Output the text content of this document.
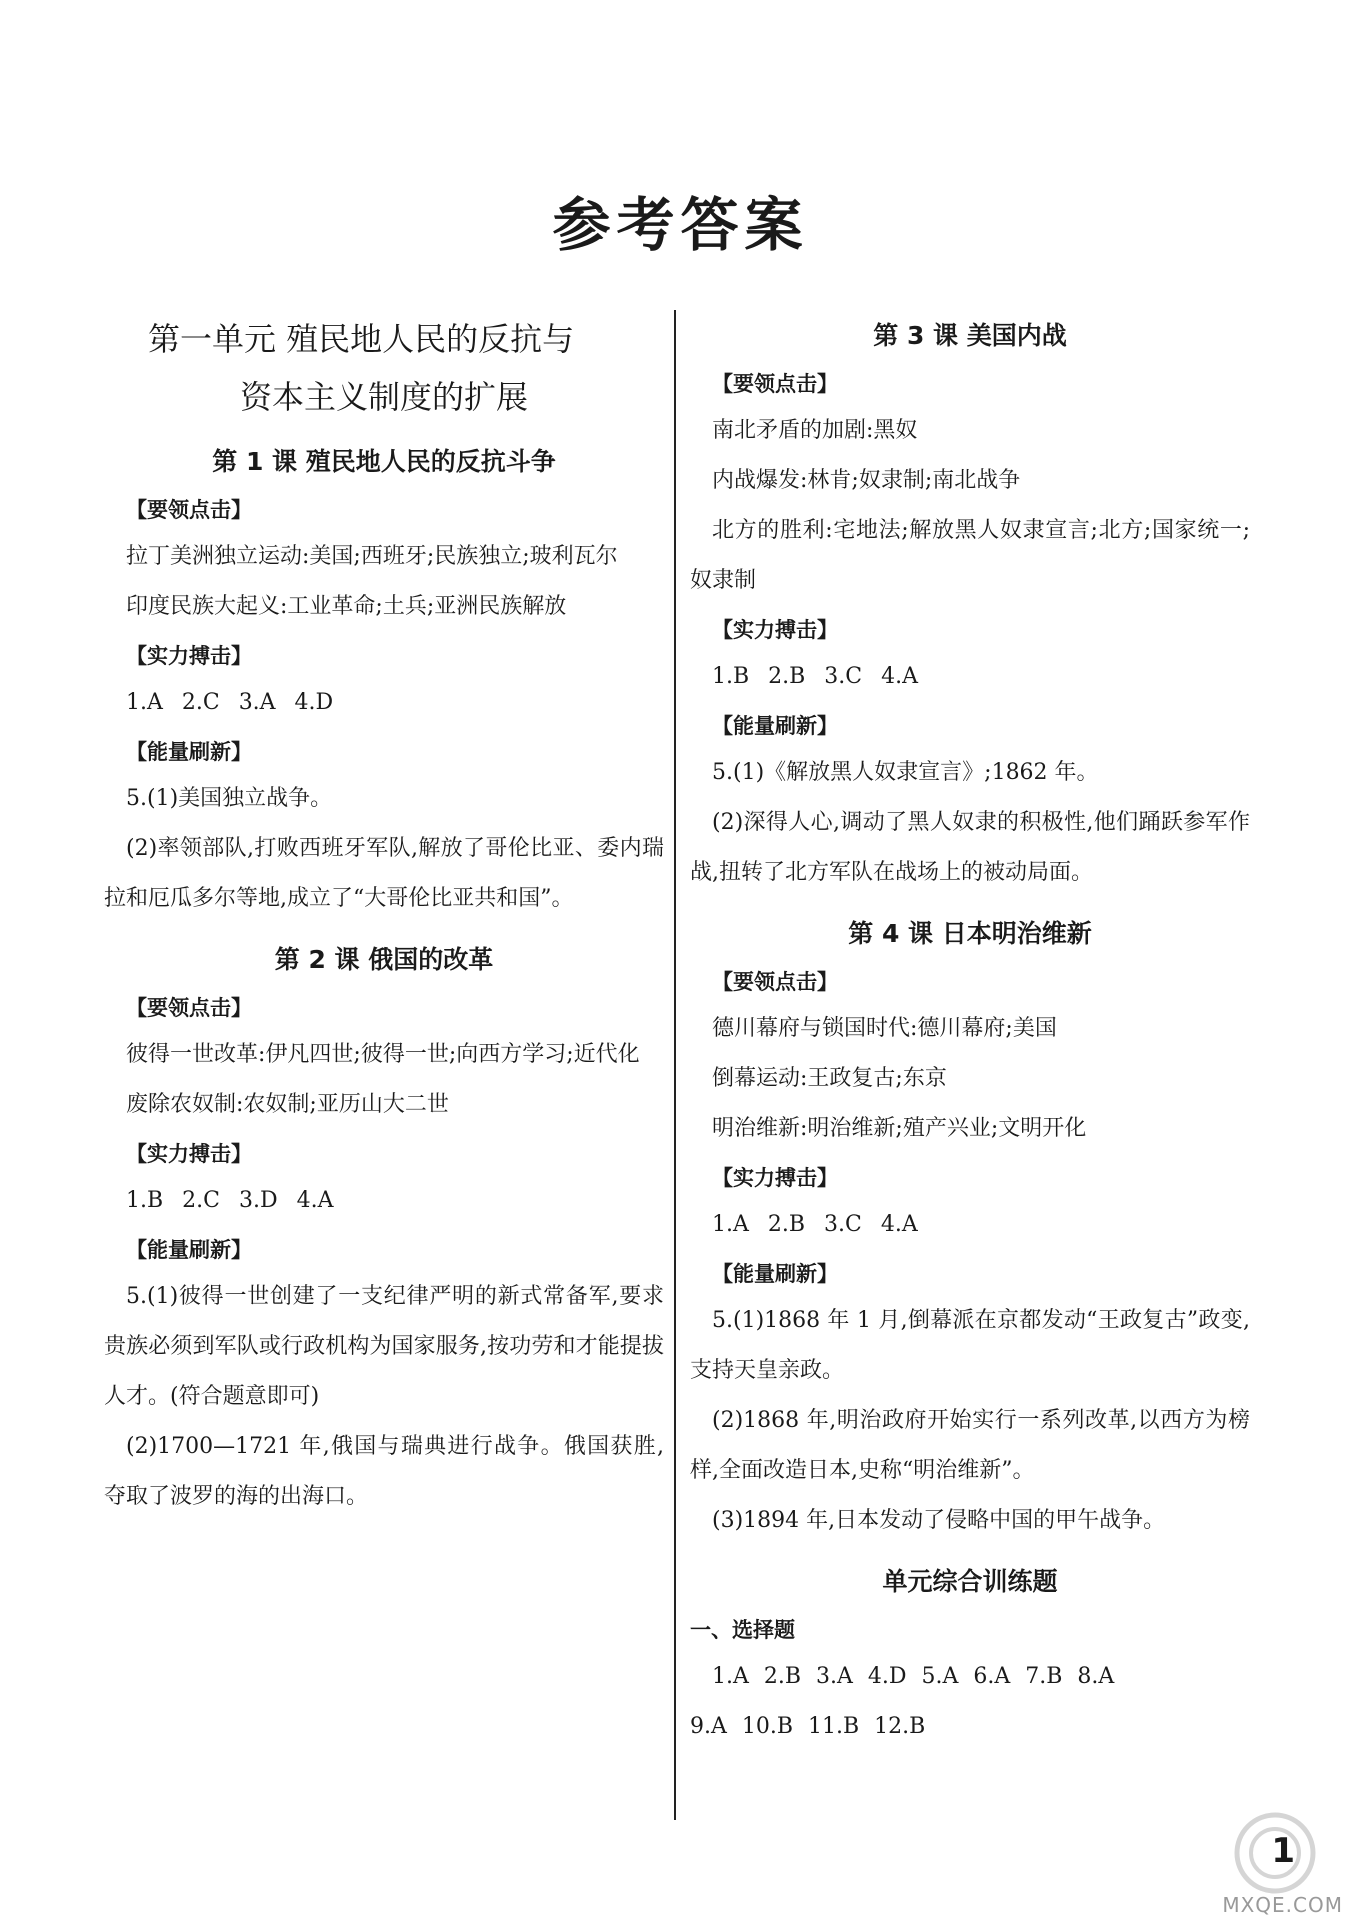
参考答案

第一单元 殖民地人民的反抗与

资本主义制度的扩展

第 1 课 殖民地人民的反抗斗争
【要领点击】

拉丁美洲独立运动:美国;西班牙;民族独立;玻利瓦尔

印度民族大起义:工业革命;土兵;亚洲民族解放

【实力搏击】

1.A 2.C 3.A 4.D

【能量刷新】

5.(1)美国独立战争。

(2)率领部队,打败西班牙军队,解放了哥伦比亚、委内瑞拉和厄瓜多尔等地,成立了“大哥伦比亚共和国”。

第 2 课 俄国的改革
【要领点击】

彼得一世改革:伊凡四世;彼得一世;向西方学习;近代化

废除农奴制:农奴制;亚历山大二世

【实力搏击】

1.B 2.C 3.D 4.A

【能量刷新】

5.(1)彼得一世创建了一支纪律严明的新式常备军,要求贵族必须到军队或行政机构为国家服务,按功劳和才能提拔人才。(符合题意即可)

(2)1700—1721 年,俄国与瑞典进行战争。俄国获胜,夺取了波罗的海的出海口。

第 3 课 美国内战
【要领点击】

南北矛盾的加剧:黑奴

内战爆发:林肯;奴隶制;南北战争

北方的胜利:宅地法;解放黑人奴隶宣言;北方;国家统一;奴隶制

【实力搏击】

1.B 2.B 3.C 4.A

【能量刷新】

5.(1)《解放黑人奴隶宣言》;1862 年。

(2)深得人心,调动了黑人奴隶的积极性,他们踊跃参军作战,扭转了北方军队在战场上的被动局面。

第 4 课 日本明治维新
【要领点击】

德川幕府与锁国时代:德川幕府;美国

倒幕运动:王政复古;东京

明治维新:明治维新;殖产兴业;文明开化

【实力搏击】

1.A 2.B 3.C 4.A

【能量刷新】

5.(1)1868 年 1 月,倒幕派在京都发动“王政复古”政变,支持天皇亲政。

(2)1868 年,明治政府开始实行一系列改革,以西方为榜样,全面改造日本,史称“明治维新”。

(3)1894 年,日本发动了侵略中国的甲午战争。

单元综合训练题
一、选择题

1.A 2.B 3.A 4.D 5.A 6.A 7.B 8.A

9.A 10.B 11.B 12.B

1
MXQE.COM
